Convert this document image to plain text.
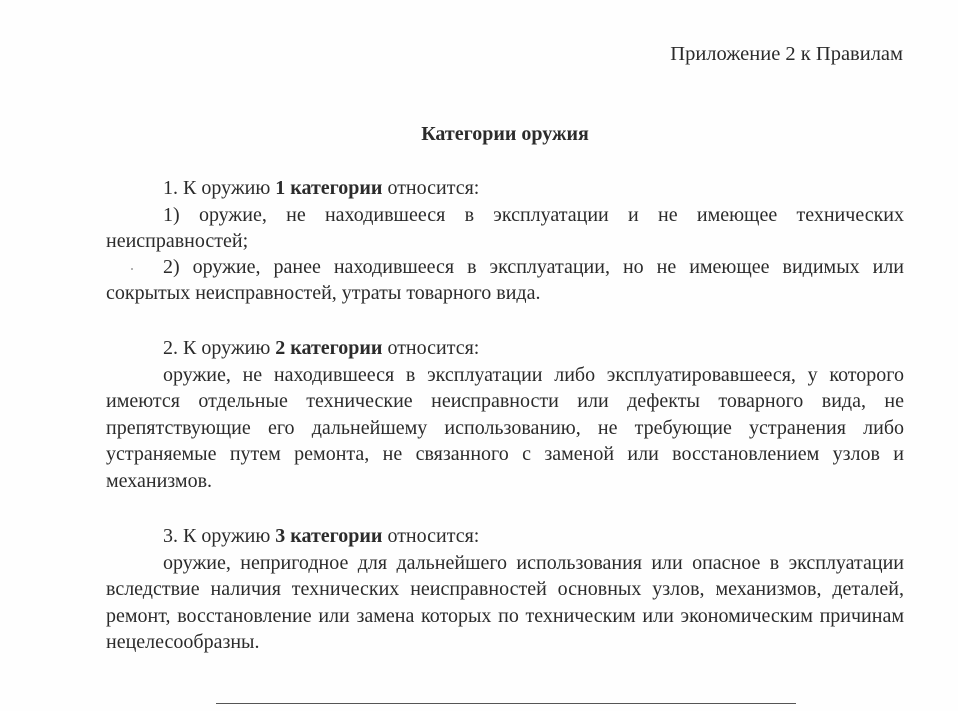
Приложение 2 к Правилам
Категории оружия

1. К оружию 1 категории относится:

1) оружие, не находившееся в эксплуатации и не имеющее технических неисправностей;

2) оружие, ранее находившееся в эксплуатации, но не имеющее видимых или сокрытых неисправностей, утраты товарного вида.

2. К оружию 2 категории относится:

оружие, не находившееся в эксплуатации либо эксплуатировавшееся, у которого имеются отдельные технические неисправности или дефекты товарного вида, не препятствующие его дальнейшему использованию, не требующие устранения либо устраняемые путем ремонта, не связанного с заменой или восстановлением узлов и механизмов.

3. К оружию 3 категории относится:

оружие, непригодное для дальнейшего использования или опасное в эксплуатации вследствие наличия технических неисправностей основных узлов, механизмов, деталей, ремонт, восстановление или замена которых по техническим или экономическим причинам нецелесообразны.
